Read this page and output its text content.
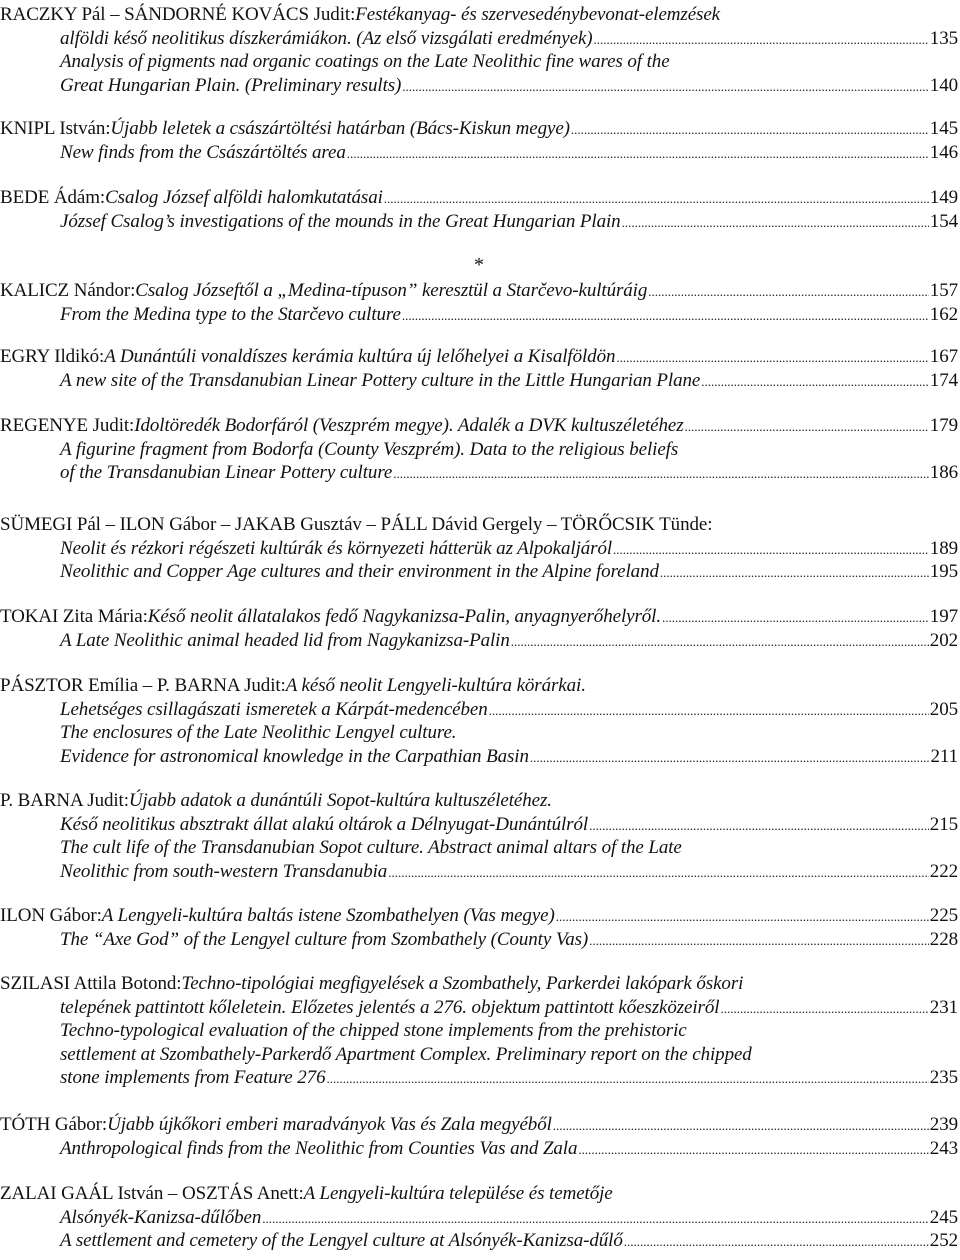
RACZKY Pál – SÁNDORNÉ KOVÁCS Judit: Festékanyag- és szervesedénybevonat-elemzések
alföldi késő neolitikus díszkerámiákon. (Az első vizsgálati eredmények) .....	135
Analysis of pigments nad organic coatings on the Late Neolithic fine wares of the
Great Hungarian Plain. (Preliminary results) .....	140
KNIPL István: Újabb leletek a császártöltési határban (Bács-Kiskun megye) .....	145
New finds from the Császártöltés area .....	146
BEDE Ádám: Csalog József alföldi halomkutatásai .....	149
József Csalog’s investigations of the mounds in the Great Hungarian Plain .....	154
KALICZ Nándor: Csalog Józseftől a „Medina-típuson” keresztül a Starčevo-kultúráig .....	157
From the Medina type to the Starčevo culture .....	162
EGRY Ildikó: A Dunántúli vonaldíszes kerámia kultúra új lelőhelyei a Kisalföldön .....	167
A new site of the Transdanubian Linear Pottery culture in the Little Hungarian Plane .....	174
REGENYE Judit: Idoltöredék Bodorfáról (Veszprém megye). Adalék a DVK kultuszéletéhez .....	179
A figurine fragment from Bodorfa (County Veszprém). Data to the religious beliefs
of the Transdanubian Linear Pottery culture .....	186
SÜMEGI Pál – ILON Gábor – JAKAB Gusztáv – PÁLL Dávid Gergely – TÖRŐCSIK Tünde:
Neolit és rézkori régészeti kultúrák és környezeti hátterük az Alpokaljáról .....	189
Neolithic and Copper Age cultures and their environment in the Alpine foreland .....	195
TOKAI Zita Mária: Késő neolit állatalakos fedő Nagykanizsa-Palin, anyagnyerőhelyről. .....	197
A Late Neolithic animal headed lid from Nagykanizsa-Palin .....	202
PÁSZTOR Emília – P. BARNA Judit: A késő neolit Lengyeli-kultúra körárkai.
Lehetséges csillagászati ismeretek a Kárpát-medencében .....	205
The enclosures of the Late Neolithic Lengyel culture.
Evidence for astronomical knowledge in the Carpathian Basin .....	211
P. BARNA Judit: Újabb adatok a dunántúli Sopot-kultúra kultuszéletéhez.
Késő neolitikus absztrakt állat alakú oltárok a Délnyugat-Dunántúlról .....	215
The cult life of the Transdanubian Sopot culture. Abstract animal altars of the Late
Neolithic from south-western Transdanubia .....	222
ILON Gábor: A Lengyeli-kultúra baltás istene Szombathelyen (Vas megye) .....	225
The “Axe God” of the Lengyel culture from Szombathely (County Vas) .....	228
SZILASI Attila Botond: Techno-tipológiai megfigyelések a Szombathely, Parkerdei lakópark őskori
telepének pattintott kőleletein. Előzetes jelentés a 276. objektum pattintott kőeszközeiről .....	231
Techno-typological evaluation of the chipped stone implements from the prehistoric
settlement at Szombathely-Parkerdő Apartment Complex. Preliminary report on the chipped
stone implements from Feature 276 .....	235
TÓTH Gábor: Újabb újkőkori emberi maradványok Vas és Zala megyéből .....	239
Anthropological finds from the Neolithic from Counties Vas and Zala .....	243
ZALAI GAÁL István – OSZTÁS Anett: A Lengyeli-kultúra települése és temetője
Alsónyék-Kanizsa-dűlőben .....	245
A settlement and cemetery of the Lengyel culture at Alsónyék-Kanizsa-dűlő .....	252
*
